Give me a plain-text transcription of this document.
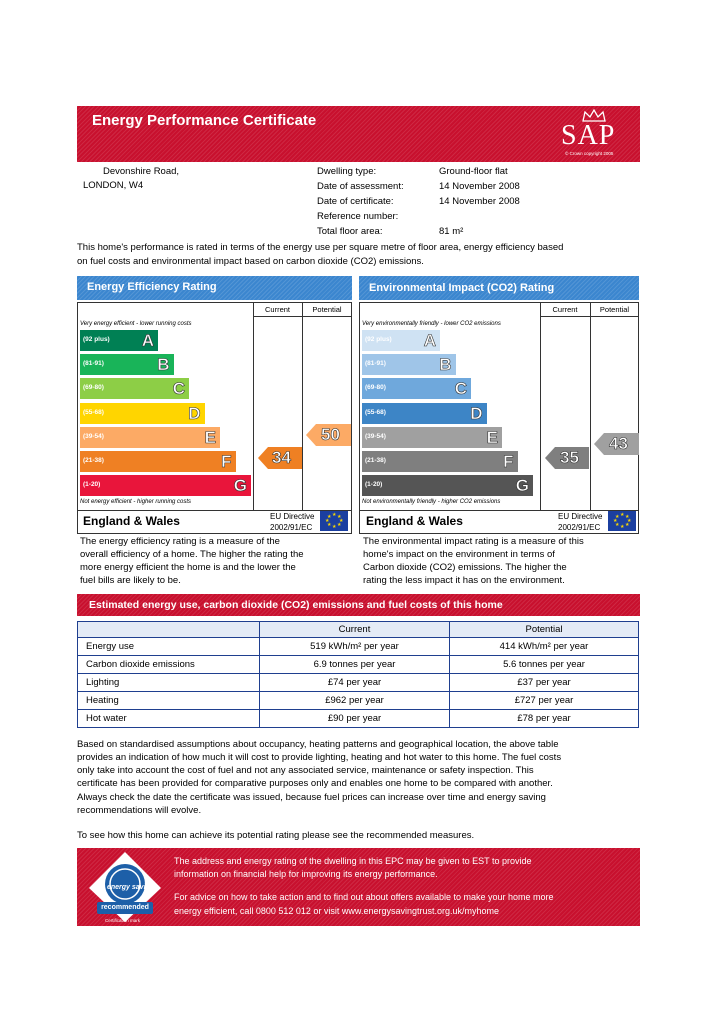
Energy Performance Certificate	SAP
© Crown copyright 2005
Devonshire Road,
LONDON, W4
Dwelling type:	Ground-floor flat
Date of assessment:	14 November 2008
Date of certificate:	14 November 2008
Reference number:
Total floor area:	81 m²
This home's performance is rated in terms of the energy use per square metre of floor area, energy efficiency based
on fuel costs and environmental impact based on carbon dioxide (CO2) emissions.
Energy Efficiency Rating
Current	Potential
Very energy efficient - lower running costs
(92 plus) A
(81-91)	B
(69-80)	C
(55-68)	D
(39-54)	E
(21-38)	F
(1-20)	G
Not energy efficient - higher running costs
34
50
England & Wales	EU Directive
2002/91/EC
★ ★
★
★
★
★
★
★
The energy efficiency rating is a measure of the
overall efficiency of a home. The higher the rating the
more energy efficient the home is and the lower the
fuel bills are likely to be.
Environmental Impact (CO2) Rating
Current	Potential
Very environmentally friendly - lower CO2 emissions
(92 plus) A
(81-91)	B
(69-80)	C
(55-68)	D
(39-54)	E
(21-38)	F
(1-20)	G
Not environmentally friendly - higher CO2 emissions
35
43
England & Wales	EU Directive
2002/91/EC
★ ★
★
★
★
★
★
★
The environmental impact rating is a measure of this
home's impact on the environment in terms of
Carbon dioxide (CO2) emissions. The higher the
rating the less impact it has on the environment.
Estimated energy use, carbon dioxide (CO2) emissions and fuel costs of this home
	Current	Potential
Energy use	519 kWh/m² per year	414 kWh/m² per year
Carbon dioxide emissions	6.9 tonnes per year	5.6 tonnes per year
Lighting	£74 per year	£37 per year
Heating	£962 per year	£727 per year
Hot water	£90 per year	£78 per year
Based on standardised assumptions about occupancy, heating patterns and geographical location, the above table
provides an indication of how much it will cost to provide lighting, heating and hot water to this home. The fuel costs
only take into account the cost of fuel and not any associated service, maintenance or safety inspection. This
certificate has been provided for comparative purposes only and enables one home to be compared with another.
Always check the date the certificate was issued, because fuel prices can increase over time and energy saving
recommendations will evolve.
To see how this home can achieve its potential rating please see the recommended measures.
energy saving
recommended
Certification mark
The address and energy rating of the dwelling in this EPC may be given to EST to provide
information on financial help for improving its energy performance.
For advice on how to take action and to find out about offers available to make your home more
energy efficient, call 0800 512 012 or visit www.energysavingtrust.org.uk/myhome
